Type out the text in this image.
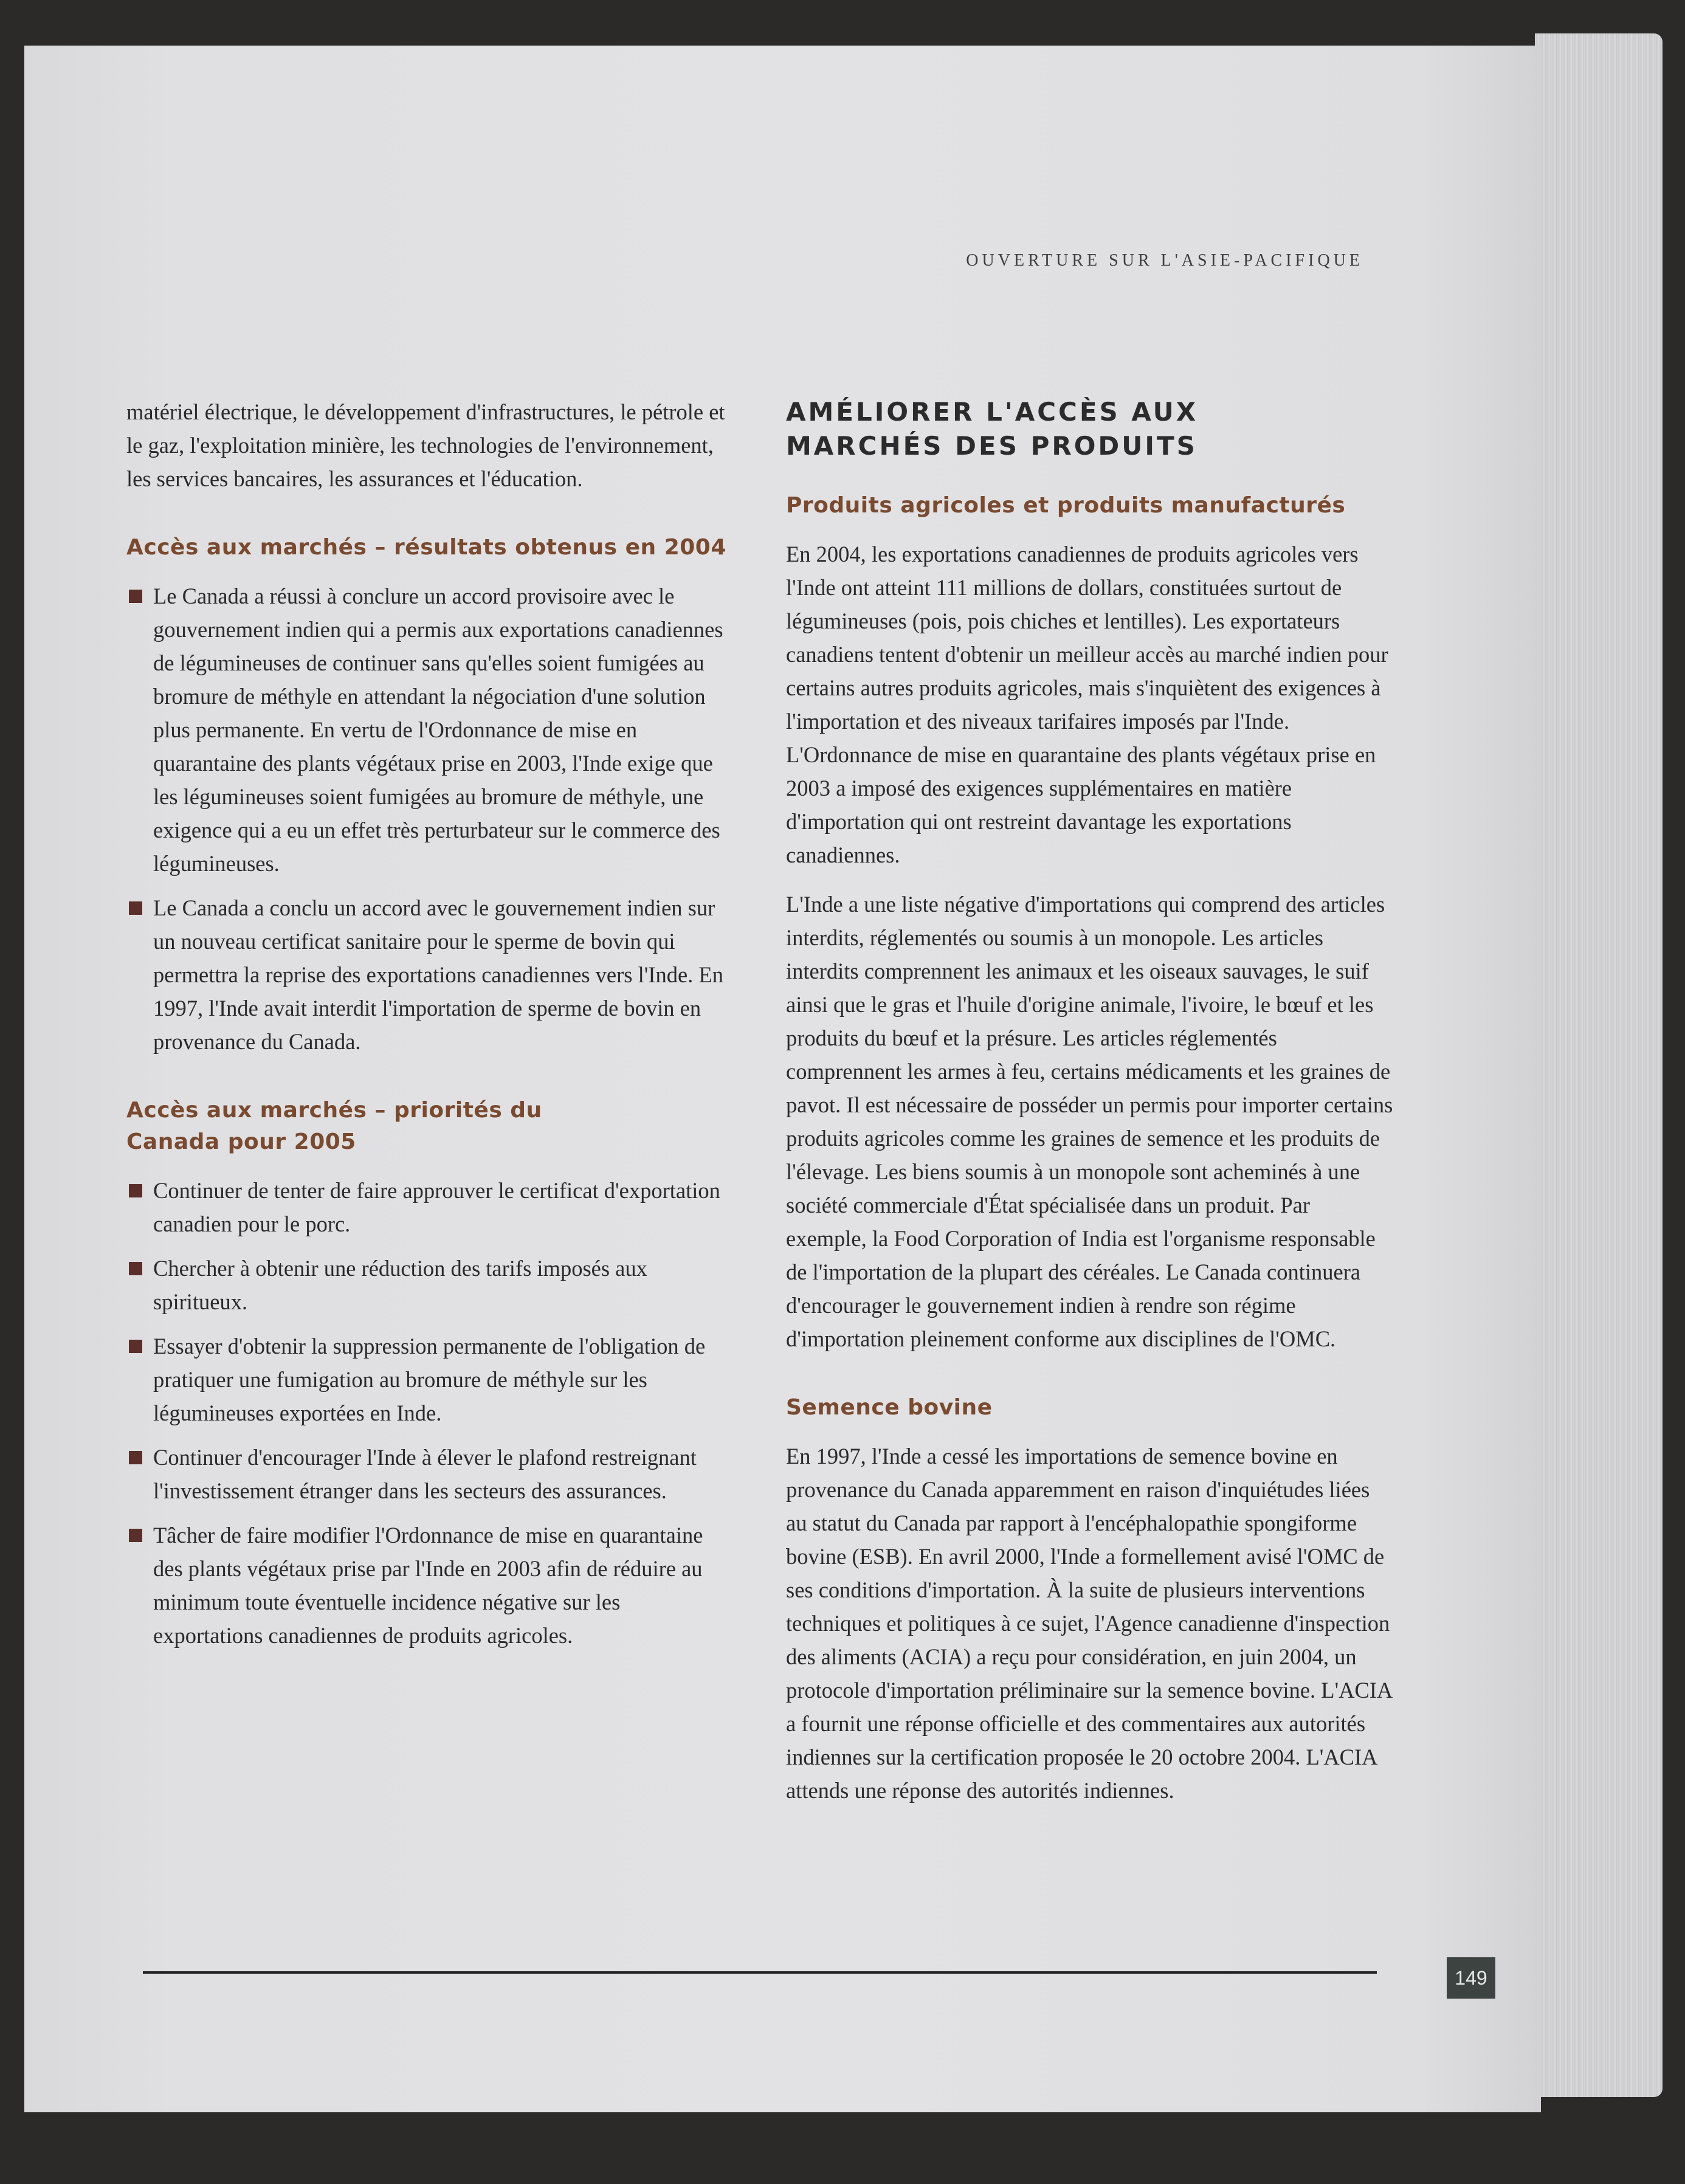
OUVERTURE SUR L'ASIE-PACIFIQUE

matériel électrique, le développement d'infrastructures, le pétrole et le gaz, l'exploitation minière, les technologies de l'environnement, les services bancaires, les assurances et l'éducation.

Accès aux marchés – résultats obtenus en 2004
Le Canada a réussi à conclure un accord provisoire avec le gouvernement indien qui a permis aux exportations canadiennes de légumineuses de continuer sans qu'elles soient fumigées au bromure de méthyle en attendant la négociation d'une solution plus permanente. En vertu de l'Ordonnance de mise en quarantaine des plants végétaux prise en 2003, l'Inde exige que les légumineuses soient fumigées au bromure de méthyle, une exigence qui a eu un effet très perturbateur sur le commerce des légumineuses.
Le Canada a conclu un accord avec le gouvernement indien sur un nouveau certificat sanitaire pour le sperme de bovin qui permettra la reprise des exportations canadiennes vers l'Inde. En 1997, l'Inde avait interdit l'importation de sperme de bovin en provenance du Canada.
Accès aux marchés – priorités du Canada pour 2005
Continuer de tenter de faire approuver le certificat d'exportation canadien pour le porc.
Chercher à obtenir une réduction des tarifs imposés aux spiritueux.
Essayer d'obtenir la suppression permanente de l'obligation de pratiquer une fumigation au bromure de méthyle sur les légumineuses exportées en Inde.
Continuer d'encourager l'Inde à élever le plafond restreignant l'investissement étranger dans les secteurs des assurances.
Tâcher de faire modifier l'Ordonnance de mise en quarantaine des plants végétaux prise par l'Inde en 2003 afin de réduire au minimum toute éventuelle incidence négative sur les exportations canadiennes de produits agricoles.
AMÉLIORER L'ACCÈS AUX MARCHÉS DES PRODUITS
Produits agricoles et produits manufacturés

En 2004, les exportations canadiennes de produits agricoles vers l'Inde ont atteint 111 millions de dollars, constituées surtout de légumineuses (pois, pois chiches et lentilles). Les exportateurs canadiens tentent d'obtenir un meilleur accès au marché indien pour certains autres produits agricoles, mais s'inquiètent des exigences à l'importation et des niveaux tarifaires imposés par l'Inde. L'Ordonnance de mise en quarantaine des plants végétaux prise en 2003 a imposé des exigences supplémentaires en matière d'importation qui ont restreint davantage les exportations canadiennes.

L'Inde a une liste négative d'importations qui comprend des articles interdits, réglementés ou soumis à un monopole. Les articles interdits comprennent les animaux et les oiseaux sauvages, le suif ainsi que le gras et l'huile d'origine animale, l'ivoire, le bœuf et les produits du bœuf et la présure. Les articles réglementés comprennent les armes à feu, certains médicaments et les graines de pavot. Il est nécessaire de posséder un permis pour importer certains produits agricoles comme les graines de semence et les produits de l'élevage. Les biens soumis à un monopole sont acheminés à une société commerciale d'État spécialisée dans un produit. Par exemple, la Food Corporation of India est l'organisme responsable de l'importation de la plupart des céréales. Le Canada continuera d'encourager le gouvernement indien à rendre son régime d'importation pleinement conforme aux disciplines de l'OMC.

Semence bovine

En 1997, l'Inde a cessé les importations de semence bovine en provenance du Canada apparemment en raison d'inquiétudes liées au statut du Canada par rapport à l'encéphalopathie spongiforme bovine (ESB). En avril 2000, l'Inde a formellement avisé l'OMC de ses conditions d'importation. À la suite de plusieurs interventions techniques et politiques à ce sujet, l'Agence canadienne d'inspection des aliments (ACIA) a reçu pour considération, en juin 2004, un protocole d'importation préliminaire sur la semence bovine. L'ACIA a fournit une réponse officielle et des commentaires aux autorités indiennes sur la certification proposée le 20 octobre 2004. L'ACIA attends une réponse des autorités indiennes.

149
